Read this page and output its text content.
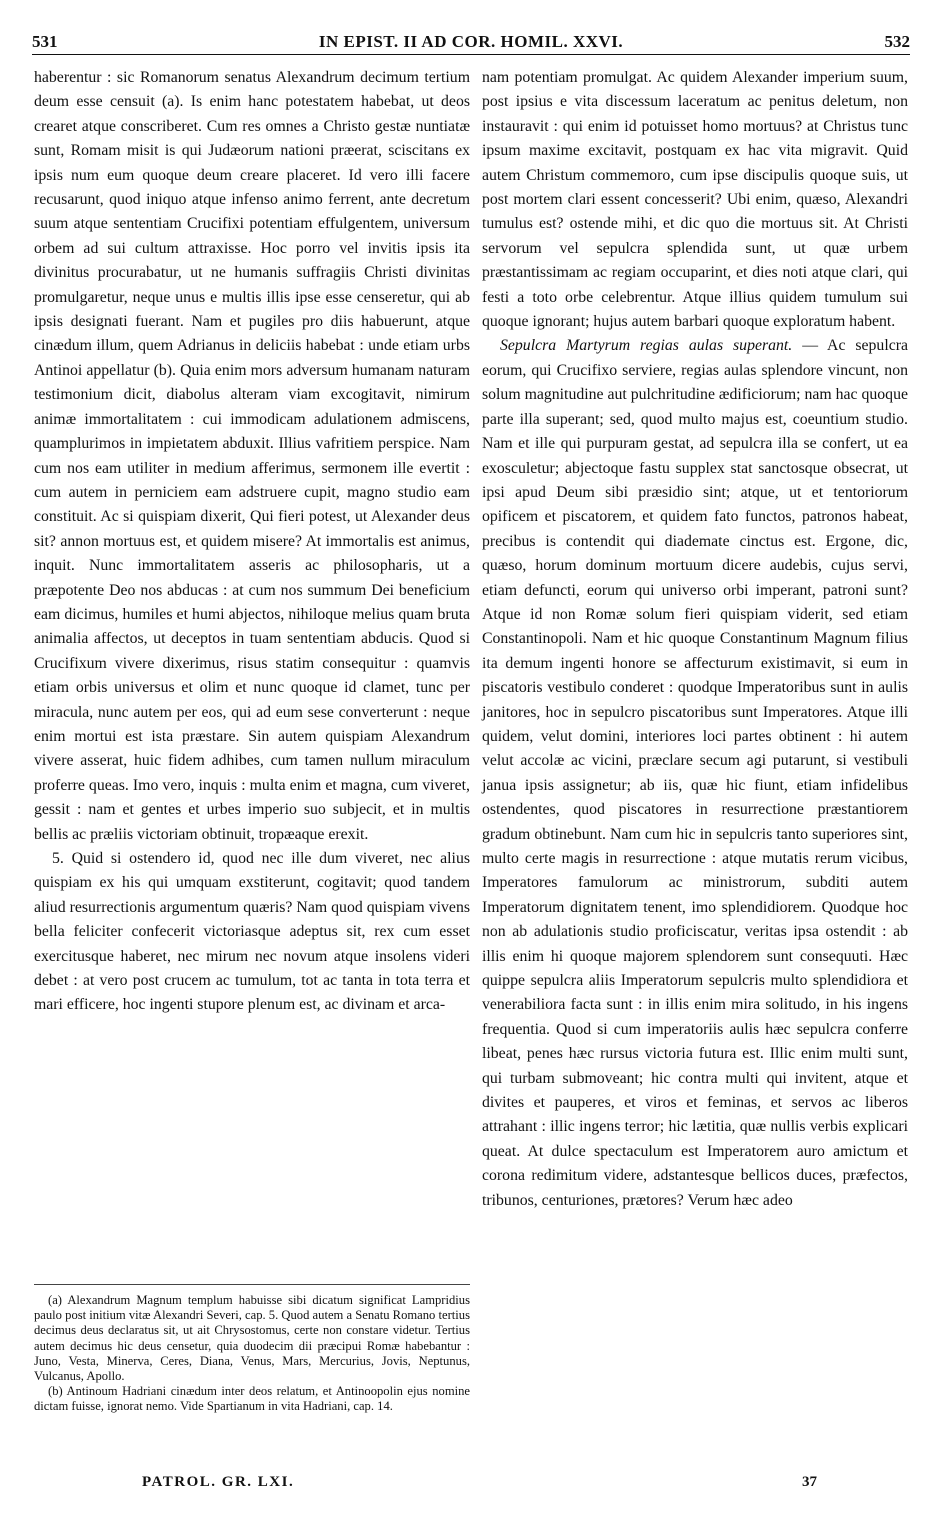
531	IN EPIST. II AD COR. HOMIL. XXVI.	532

haberentur : sic Romanorum senatus Alexandrum decimum tertium deum esse censuit (a). Is enim hanc potestatem habebat, ut deos crearet atque conscriberet. Cum res omnes a Christo gestæ nuntiatæ sunt, Romam misit is qui Judæorum nationi præerat, sciscitans ex ipsis num eum quoque deum creare placeret. Id vero illi facere recusarunt, quod iniquo atque infenso animo ferrent, ante decretum suum atque sententiam Crucifixi potentiam effulgentem, universum orbem ad sui cultum attraxisse. Hoc porro vel invitis ipsis ita divinitus procurabatur, ut ne humanis suffragiis Christi divinitas promulgaretur, neque unus e multis illis ipse esse censeretur, qui ab ipsis designati fuerant. Nam et pugiles pro diis habuerunt, atque cinædum illum, quem Adrianus in deliciis habebat : unde etiam urbs Antinoi appellatur (b). Quia enim mors adversum humanam naturam testimonium dicit, diabolus alteram viam excogitavit, nimirum animæ immortalitatem : cui immodicam adulationem admiscens, quamplurimos in impietatem abduxit. Illius vafritiem perspice. Nam cum nos eam utiliter in medium afferimus, sermonem ille evertit : cum autem in perniciem eam adstruere cupit, magno studio eam constituit. Ac si quispiam dixerit, Qui fieri potest, ut Alexander deus sit? annon mortuus est, et quidem misere? At immortalis est animus, inquit. Nunc immortalitatem asseris ac philosopharis, ut a præpotente Deo nos abducas : at cum nos summum Dei beneficium eam dicimus, humiles et humi abjectos, nihiloque melius quam bruta animalia affectos, ut deceptos in tuam sententiam abducis. Quod si Crucifixum vivere dixerimus, risus statim consequitur : quamvis etiam orbis universus et olim et nunc quoque id clamet, tunc per miracula, nunc autem per eos, qui ad eum sese converterunt : neque enim mortui est ista præstare. Sin autem quispiam Alexandrum vivere asserat, huic fidem adhibes, cum tamen nullum miraculum proferre queas. Imo vero, inquis : multa enim et magna, cum viveret, gessit : nam et gentes et urbes imperio suo subjecit, et in multis bellis ac præliis victoriam obtinuit, tropæaque erexit.

5. Quid si ostendero id, quod nec ille dum viveret, nec alius quispiam ex his qui umquam exstiterunt, cogitavit; quod tandem aliud resurrectionis argumentum quæris? Nam quod quispiam vivens bella feliciter confecerit victoriasque adeptus sit, rex cum esset exercitusque haberet, nec mirum nec novum atque insolens videri debet : at vero post crucem ac tumulum, tot ac tanta in tota terra et mari efficere, hoc ingenti stupore plenum est, ac divinam et arca-

nam potentiam promulgat. Ac quidem Alexander imperium suum, post ipsius e vita discessum laceratum ac penitus deletum, non instauravit : qui enim id potuisset homo mortuus? at Christus tunc ipsum maxime excitavit, postquam ex hac vita migravit. Quid autem Christum commemoro, cum ipse discipulis quoque suis, ut post mortem clari essent concesserit? Ubi enim, quæso, Alexandri tumulus est? ostende mihi, et dic quo die mortuus sit. At Christi servorum vel sepulcra splendida sunt, ut quæ urbem præstantissimam ac regiam occuparint, et dies noti atque clari, qui festi a toto orbe celebrentur. Atque illius quidem tumulum sui quoque ignorant; hujus autem barbari quoque exploratum habent.

Sepulcra Martyrum regias aulas superant. — Ac sepulcra eorum, qui Crucifixo serviere, regias aulas splendore vincunt, non solum magnitudine aut pulchritudine ædificiorum; nam hac quoque parte illa superant; sed, quod multo majus est, coeuntium studio. Nam et ille qui purpuram gestat, ad sepulcra illa se confert, ut ea exosculetur; abjectoque fastu supplex stat sanctosque obsecrat, ut ipsi apud Deum sibi præsidio sint; atque, ut et tentoriorum opificem et piscatorem, et quidem fato functos, patronos habeat, precibus is contendit qui diademate cinctus est. Ergone, dic, quæso, horum dominum mortuum dicere audebis, cujus servi, etiam defuncti, eorum qui universo orbi imperant, patroni sunt? Atque id non Romæ solum fieri quispiam viderit, sed etiam Constantinopoli. Nam et hic quoque Constantinum Magnum filius ita demum ingenti honore se affecturum existimavit, si eum in piscatoris vestibulo conderet : quodque Imperatoribus sunt in aulis janitores, hoc in sepulcro piscatoribus sunt Imperatores. Atque illi quidem, velut domini, interiores loci partes obtinent : hi autem velut accolæ ac vicini, præclare secum agi putarunt, si vestibuli janua ipsis assignetur; ab iis, quæ hic fiunt, etiam infidelibus ostendentes, quod piscatores in resurrectione præstantiorem gradum obtinebunt. Nam cum hic in sepulcris tanto superiores sint, multo certe magis in resurrectione : atque mutatis rerum vicibus, Imperatores famulorum ac ministrorum, subditi autem Imperatorum dignitatem tenent, imo splendidiorem. Quodque hoc non ab adulationis studio proficiscatur, veritas ipsa ostendit : ab illis enim hi quoque majorem splendorem sunt consequuti. Hæc quippe sepulcra aliis Imperatorum sepulcris multo splendidiora et venerabiliora facta sunt : in illis enim mira solitudo, in his ingens frequentia. Quod si cum imperatoriis aulis hæc sepulcra conferre libeat, penes hæc rursus victoria futura est. Illic enim multi sunt, qui turbam submoveant; hic contra multi qui invitent, atque et divites et pauperes, et viros et feminas, et servos ac liberos attrahant : illic ingens terror; hic lætitia, quæ nullis verbis explicari queat. At dulce spectaculum est Imperatorem auro amictum et corona redimitum videre, adstantesque bellicos duces, præfectos, tribunos, centuriones, prætores? Verum hæc adeo

(a) Alexandrum Magnum templum habuisse sibi dicatum significat Lampridius paulo post initium vitæ Alexandri Severi, cap. 5. Quod autem a Senatu Romano tertius decimus deus declaratus sit, ut ait Chrysostomus, certe non constare videtur. Tertius autem decimus hic deus censetur, quia duodecim dii præcipui Romæ habebantur : Juno, Vesta, Minerva, Ceres, Diana, Venus, Mars, Mercurius, Jovis, Neptunus, Vulcanus, Apollo.

(b) Antinoum Hadriani cinædum inter deos relatum, et Antinoopolin ejus nomine dictam fuisse, ignorat nemo. Vide Spartianum in vita Hadriani, cap. 14.

PATROL. GR. LXI.	37
